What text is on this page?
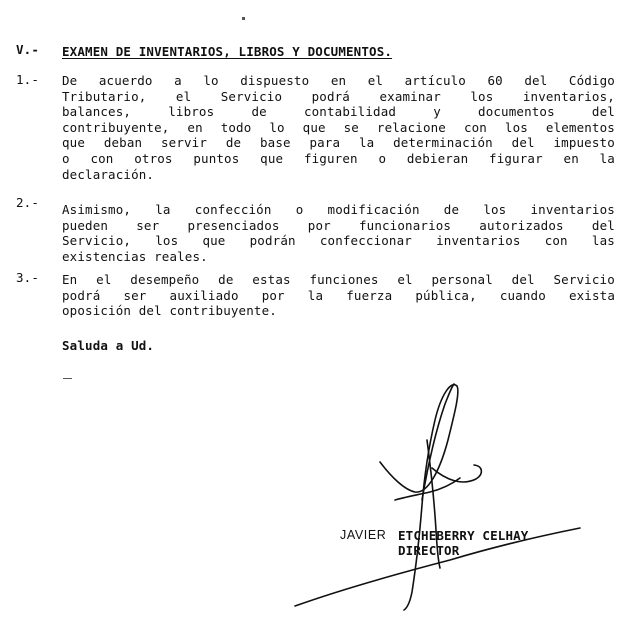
V.- EXAMEN DE INVENTARIOS, LIBROS Y DOCUMENTOS.
1.- De acuerdo a lo dispuesto en el artículo 60 del Código
Tributario, el Servicio podrá examinar los inventarios,
balances,	libros	de	contabilidad	y	documentos	del
contribuyente, en todo lo que se relacione con los elementos
que deban servir de base para la determinación del impuesto
o con otros puntos que figuren o debieran figurar en la
declaración.
2.- Asimismo, la confección o modificación de los inventarios
pueden ser presenciados por funcionarios autorizados del
Servicio, los que podrán confeccionar inventarios con las
existencias reales.
3.- En el desempeño de estas funciones el personal del Servicio
podrá ser auxiliado por la fuerza pública, cuando exista
oposición del contribuyente.
Saluda a Ud.
JAVIER ETCHEBERRY CELHAY
DIRECTOR
